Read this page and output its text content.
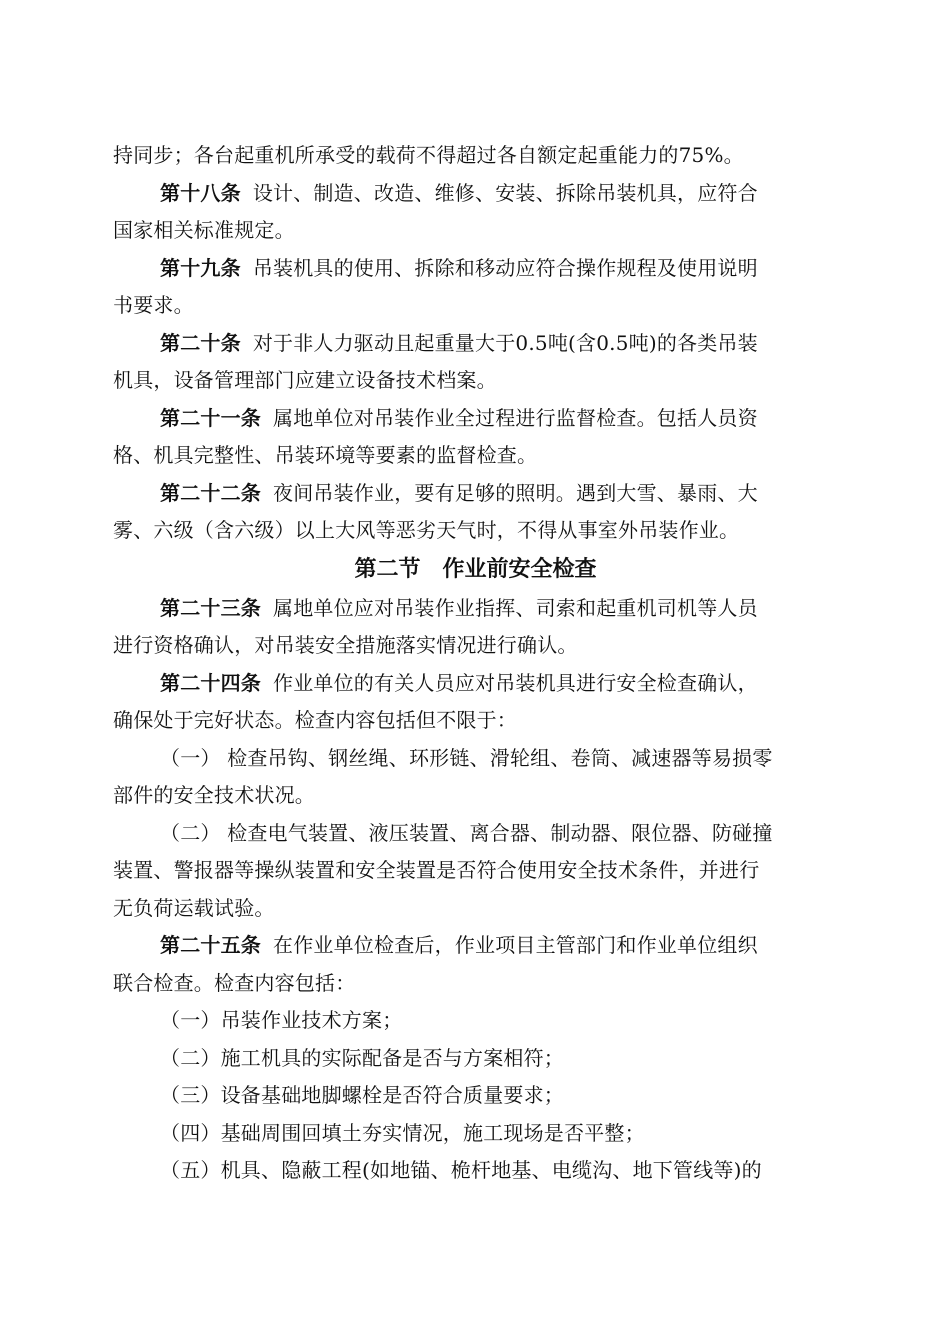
持同步；各台起重机所承受的载荷不得超过各自额定起重能力的75%。
第十八条 设计、制造、改造、维修、安装、拆除吊装机具，应符合
国家相关标准规定。
第十九条 吊装机具的使用、拆除和移动应符合操作规程及使用说明
书要求。
第二十条 对于非人力驱动且起重量大于0.5吨(含0.5吨)的各类吊装
机具，设备管理部门应建立设备技术档案。
第二十一条 属地单位对吊装作业全过程进行监督检查。包括人员资
格、机具完整性、吊装环境等要素的监督检查。
第二十二条 夜间吊装作业，要有足够的照明。遇到大雪、暴雨、大
雾、六级（含六级）以上大风等恶劣天气时，不得从事室外吊装作业。
第二节　作业前安全检查
第二十三条 属地单位应对吊装作业指挥、司索和起重机司机等人员
进行资格确认，对吊装安全措施落实情况进行确认。
第二十四条 作业单位的有关人员应对吊装机具进行安全检查确认，
确保处于完好状态。检查内容包括但不限于：
（一） 检查吊钩、钢丝绳、环形链、滑轮组、卷筒、减速器等易损零
部件的安全技术状况。
（二） 检查电气装置、液压装置、离合器、制动器、限位器、防碰撞
装置、警报器等操纵装置和安全装置是否符合使用安全技术条件，并进行
无负荷运载试验。
第二十五条 在作业单位检查后，作业项目主管部门和作业单位组织
联合检查。检查内容包括：
（一）吊装作业技术方案；
（二）施工机具的实际配备是否与方案相符；
（三）设备基础地脚螺栓是否符合质量要求；
（四）基础周围回填土夯实情况，施工现场是否平整；
（五）机具、隐蔽工程(如地锚、桅杆地基、电缆沟、地下管线等)的
